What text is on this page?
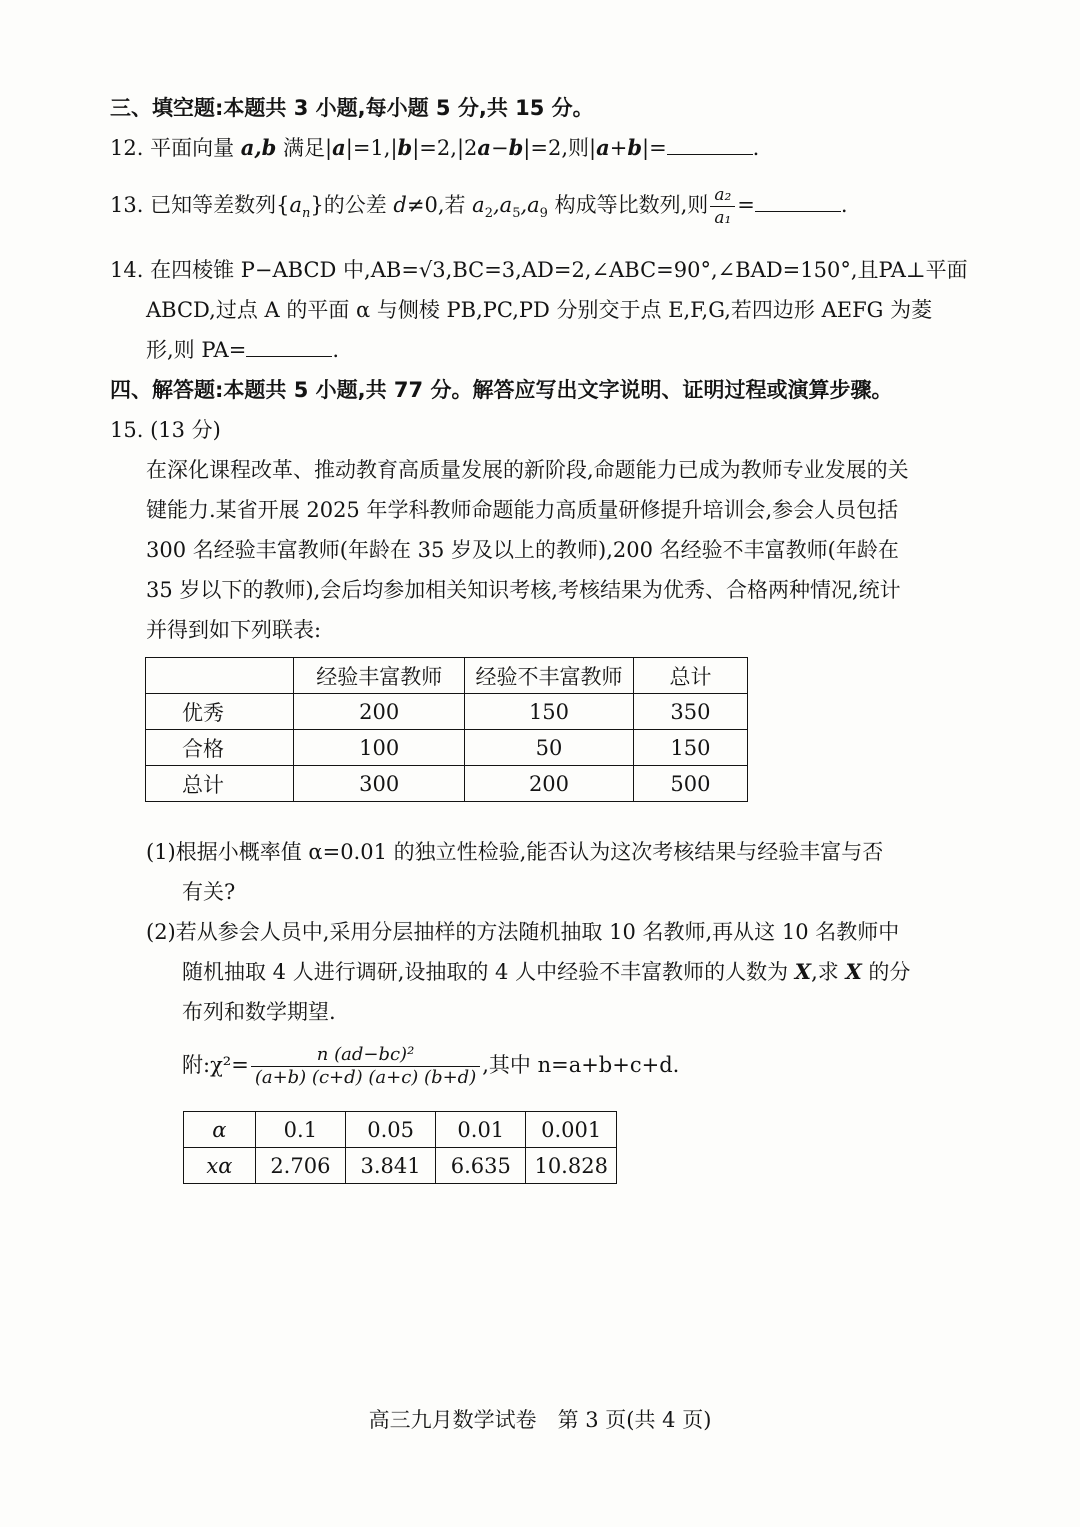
三、填空题:本题共 3 小题,每小题 5 分,共 15 分。
12. 平面向量 a,b 满足|a|=1,|b|=2,|2a−b|=2,则|a+b|=	.
13. 已知等差数列$\{a_n\}$的公差 d≠0,若 $a_2,a_5,a_9$ 构成等比数列,则 $\frac{\text{a₂}}{\text{a₁}}$ =	.
14. 在四棱锥 P−ABCD 中,AB=√3,BC=3,AD=2,∠ABC=90°,∠BAD=150°,且PA⊥平面
ABCD,过点 A 的平面 α 与侧棱 PB,PC,PD 分别交于点 E,F,G,若四边形 AEFG 为菱
形,则 PA=	.
四、解答题:本题共 5 小题,共 77 分。解答应写出文字说明、证明过程或演算步骤。
15. (13 分)
在深化课程改革、推动教育高质量发展的新阶段,命题能力已成为教师专业发展的关
键能力.某省开展 2025 年学科教师命题能力高质量研修提升培训会,参会人员包括
300 名经验丰富教师(年龄在 35 岁及以上的教师),200 名经验不丰富教师(年龄在
35 岁以下的教师),会后均参加相关知识考核,考核结果为优秀、合格两种情况,统计
并得到如下列联表:
	经验丰富教师	经验不丰富教师	总计
优秀	200	150	350
合格	100	50	150
总计	300	200	500
(1)根据小概率值 α=0.01 的独立性检验,能否认为这次考核结果与经验丰富与否
有关?
(2)若从参会人员中,采用分层抽样的方法随机抽取 10 名教师,再从这 10 名教师中
随机抽取 4 人进行调研,设抽取的 4 人中经验不丰富教师的人数为 X,求 X 的分
布列和数学期望.
附:χ²= $\frac{\text{n (ad−bc)²}}{(a+b) (c+d) (a+c) (b+d)}$ ,其中 n=a+b+c+d.
α	0.1	0.05	0.01	0.001
xα	2.706	3.841	6.635	10.828
高三九月数学试卷　第 3 页(共 4 页)
